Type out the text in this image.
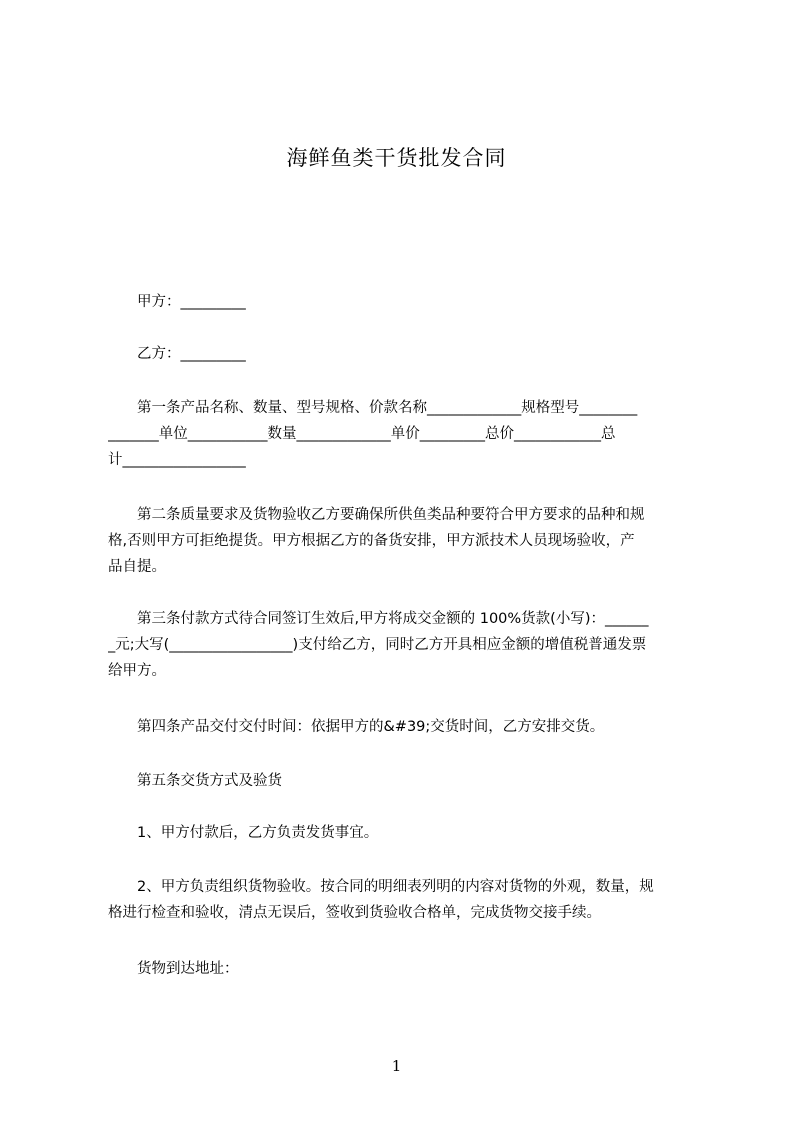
海鲜鱼类干货批发合同
　　甲方：_________
　　乙方：_________
　　第一条产品名称、数量、型号规格、价款名称_____________规格型号________
_______单位___________数量_____________单价_________总价____________总
计_________________
　　第二条质量要求及货物验收乙方要确保所供鱼类品种要符合甲方要求的品种和规
格,否则甲方可拒绝提货。甲方根据乙方的备货安排，甲方派技术人员现场验收，产
品自提。
　　第三条付款方式待合同签订生效后,甲方将成交金额的 100%货款(小写)：______
_元;大写(_________________)支付给乙方，同时乙方开具相应金额的增值税普通发票
给甲方。
　　第四条产品交付交付时间：依据甲方的&#39;交货时间，乙方安排交货。
　　第五条交货方式及验货
　　1、甲方付款后，乙方负责发货事宜。
　　2、甲方负责组织货物验收。按合同的明细表列明的内容对货物的外观，数量，规
格进行检查和验收，清点无误后，签收到货验收合格单，完成货物交接手续。
　　货物到达地址：
1
